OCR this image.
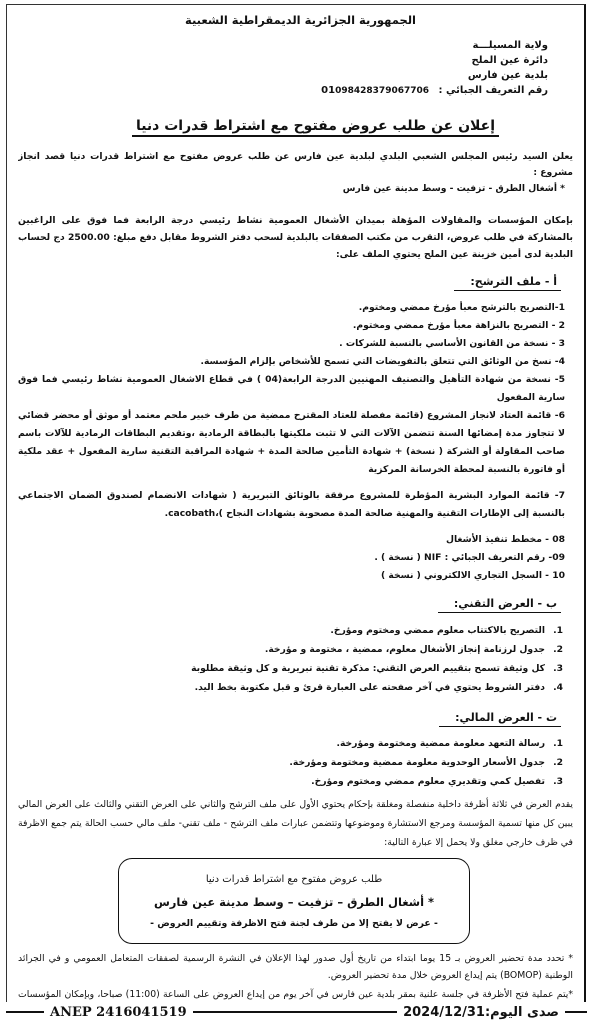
الجمهورية الجزائرية الديمقراطية الشعبية
ولاية المسيلـــة
دائرة عين الملح
بلدية عين فارس
رقم التعريف الجبائي : 01098428379067706
إعلان عن طلب عروض مفتوح مع اشتراط قدرات دنيا
يعلن السيد رئيس المجلس الشعبي البلدي لبلدية عين فارس عن طلب عروض مفتوح مع اشتراط قدرات دنيا قصد انجاز مشروع :
* أشغال الطرق - تزفيت - وسط مدينة عين فارس
بإمكان المؤسسات والمقاولات المؤهلة بميدان الأشغال العمومية نشاط رئيسي درجة الرابعة فما فوق على الراغبين بالمشاركة في طلب عروض، التقرب من مكتب الصفقات بالبلدية لسحب دفتر الشروط مقابل دفع مبلغ: 2500.00 دج لحساب البلدية لدى أمين خزينة عين الملح يحتوي الملف على:
أ - ملف الترشح:
1-التصريح بالترشح معبأ مؤرخ ممضي ومختوم.
2 - التصريح بالنزاهة معبأ مؤرخ ممضي ومختوم.
3 - نسخة من القانون الأساسي بالنسبة للشركات .
4- نسخ من الوثائق التي تتعلق بالتفويضات التي تسمح للأشخاص بإلزام المؤسسة.
5- نسخة من شهادة التأهيل والتصنيف المهنيين الدرجة الرابعة(04 ) في قطاع الاشغال العمومية نشاط رئيسي فما فوق سارية المفعول
6- قائمة العتاد لانجاز المشروع (قائمة مفصلة للعتاد المقترح ممضية من طرف خبير ملحم معتمد أو موثق أو محضر قضائي لا تتجاوز مدة إمضائها السنة تتضمن الآلات التي لا تثبت ملكيتها بالبطاقة الرمادية ،وتقديم البطاقات الرمادية للآلات باسم صاحب المقاولة أو الشركة ( نسخة) + شهادة التأمين صالحة المدة + شهادة المراقبة التقنية سارية المفعول + عقد ملكية أو فاتورة بالنسبة لمحطة الخرسانة المركزية
7- قائمة الموارد البشرية المؤطرة للمشروع مرفقة بالوثائق التبريرية ( شهادات الانضمام لصندوق الضمان الاجتماعي بالنسبة إلى الإطارات التقنية والمهنية صالحة المدة مصحوبة بشهادات النجاح )،cacobath.
08 - مخطط تنفيذ الأشغال
09- رقم التعريف الجبائي : NIF ( نسخة ) .
10 - السجل التجاري الالكتروني ( نسخة )
ب - العرض التقني:
1.
التصريح بالاكتتاب معلوم ممضي ومختوم ومؤرخ.
2.
جدول لرزنامة إنجاز الأشغال معلوم، ممضية ، مختومة و مؤرخة.
3.
كل وثيقة تسمح بتقييم العرض التقني: مذكرة تقنية تبريرية و كل وثيقة مطلوبة
4.
دفتر الشروط يحتوي في آخر صفحته على العبارة قرئ و قبل مكتوبة بخط اليد.
ت - العرض المالي:
1.
رسالة التعهد معلومة ممضية ومختومة ومؤرخة.
2.
جدول الأسعار الوحدوية معلومة ممضية ومختومة ومؤرخة.
3.
تفصيل كمي وتقديري معلوم ممضي ومختوم ومؤرخ.
يقدم العرض في ثلاثة أظرفة داخلية منفصلة ومغلقة بإحكام يحتوي الأول على ملف الترشح والثاني على العرض التقني والثالث على العرض المالي يبين كل منها تسمية المؤسسة ومرجع الاستشارة وموضوعها وتتضمن عبارات ملف الترشح - ملف تقني- ملف مالي حسب الحالة يتم جمع الاظرفة في ظرف خارجي مغلق ولا يحمل إلا عبارة التالية:
طلب عروض مفتوح مع اشتراط قدرات دنيا
* أشغال الطرق – تزفيت – وسط مدينة عين فارس
- عرض لا يفتح إلا من طرف لجنة فتح الاظرفة وتقييم العروض -
* تحدد مدة تحضير العروض بـ 15 يوما ابتداء من تاريخ أول صدور لهذا الإعلان في النشرة الرسمية لصفقات المتعامل العمومي و في الجرائد الوطنية (BOMOP) يتم إيداع العروض خلال مدة تحضير العروض.
*يتم عملية فتح الأظرفة في جلسة علنية بمقر بلدية عين فارس في آخر يوم من إيداع العروض على الساعة (11:00) صباحا، وبإمكان المؤسسات
ANEP 2416041519	صدى اليوم:2024/12/31
